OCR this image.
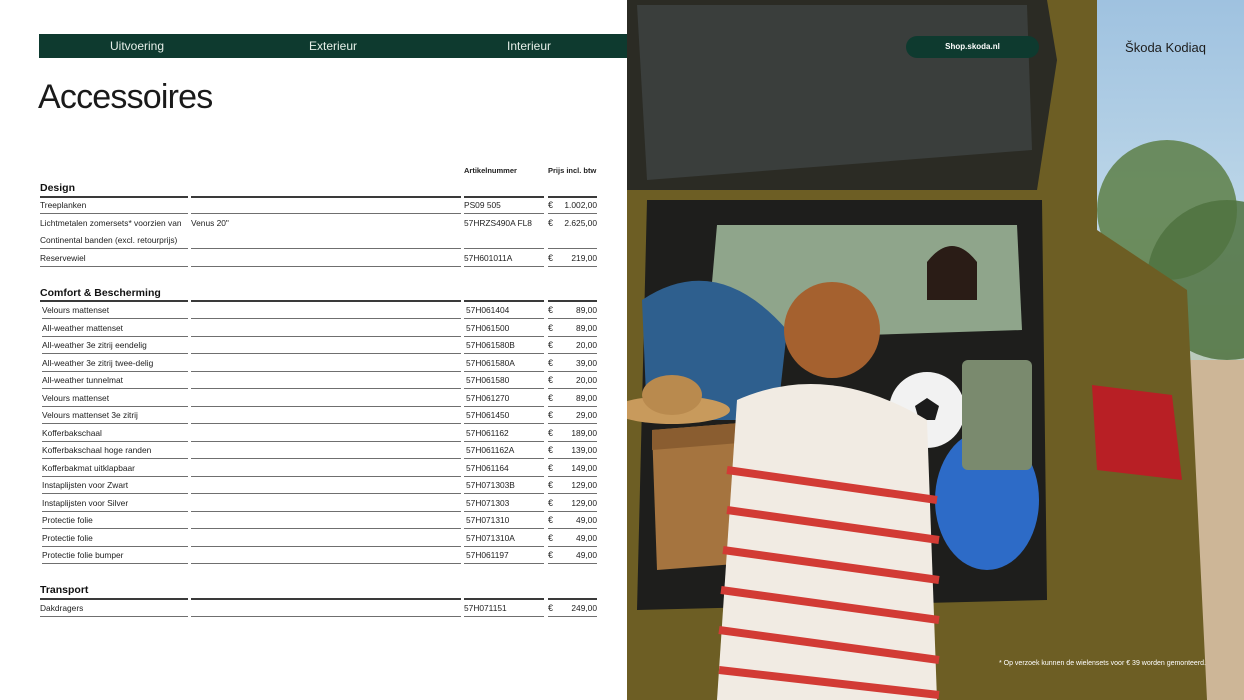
Uitvoering	Exterieur	Interieur
* Op verzoek kunnen de wielensets voor € 39 worden gemonteerd.
Shop.skoda.nl	Škoda Kodiaq
Accessoires
Artikelnummer	Prijs incl. btw
Design
Treeplanken	PS09 505	€	1.002,00
Lichtmetalen zomersets* voorzien van
Continental banden (excl. retourprijs)
Venus 20"	57HRZS490A FL8 €	2.625,00
Reservewiel	57H601011A	€	219,00
Comfort & Bescherming
Velours mattenset	57H061404	€	89,00
All-weather mattenset	57H061500	€	89,00
All-weather 3e zitrij eendelig	57H061580B	€	20,00
All-weather 3e zitrij twee-delig	57H061580A	€	39,00
All-weather tunnelmat	57H061580	€	20,00
Velours mattenset	57H061270	€	89,00
Velours mattenset 3e zitrij	57H061450	€	29,00
Kofferbakschaal	57H061162	€	189,00
Kofferbakschaal hoge randen	57H061162A	€	139,00
Kofferbakmat uitklapbaar	57H061164	€	149,00
Instaplijsten voor Zwart	57H071303B	€	129,00
Instaplijsten voor Silver	57H071303	€	129,00
Protectie folie	57H071310	€	49,00
Protectie folie	57H071310A	€	49,00
Protectie folie bumper	57H061197	€	49,00
Transport
Dakdragers	57H071151	€	249,00
